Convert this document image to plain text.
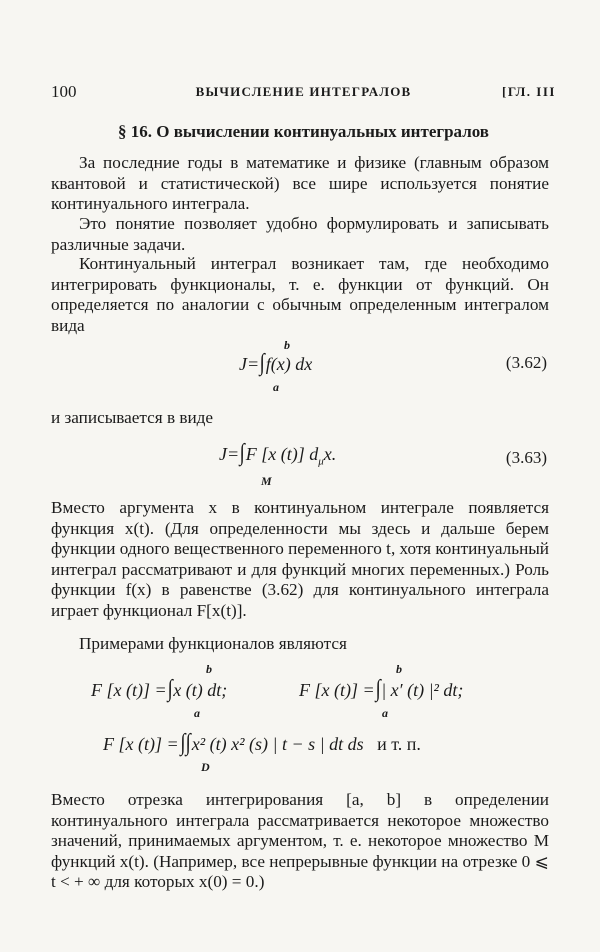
100	ВЫЧИСЛЕНИЕ ИНТЕГРАЛОВ	[ГЛ. III
§ 16. О вычислении континуальных интегралов

За последние годы в математике и физике (главным образом квантовой и статистической) все шире используется понятие континуального интеграла.

Это понятие позволяет удобно формулировать и записывать различные задачи.

Континуальный интеграл возникает там, где необходимо интегрировать функционалы, т. е. функции от функций. Он определяется по аналогии с обычным определенным интегралом вида

b
J=∫f(x) dx
a
(3.62)

и записывается в виде

J=∫F [x (t)] $d_\mu x$.
M
(3.63)

Вместо аргумента x в континуальном интеграле появляется функция x(t). (Для определенности мы здесь и дальше берем функции одного вещественного переменного t, хотя континуальный интеграл рассматривают и для функций многих переменных.) Роль функции f(x) в равенстве (3.62) для континуального интеграла играет функционал F[x(t)].

Примерами функционалов являются

b
F [x (t)] =∫x (t) dt;
a
b
F [x (t)] =∫| x′ (t) |² dt;
a
F [x (t)] =∫∫x² (t) x² (s) | t − s | dt ds и т. п.
D

Вместо отрезка интегрирования [a, b] в определении континуального интеграла рассматривается некоторое множество значений, принимаемых аргументом, т. е. некоторое множество M функций x(t). (Например, все непрерывные функции на отрезке 0 ⩽ t < + ∞ для которых x(0) = 0.)
